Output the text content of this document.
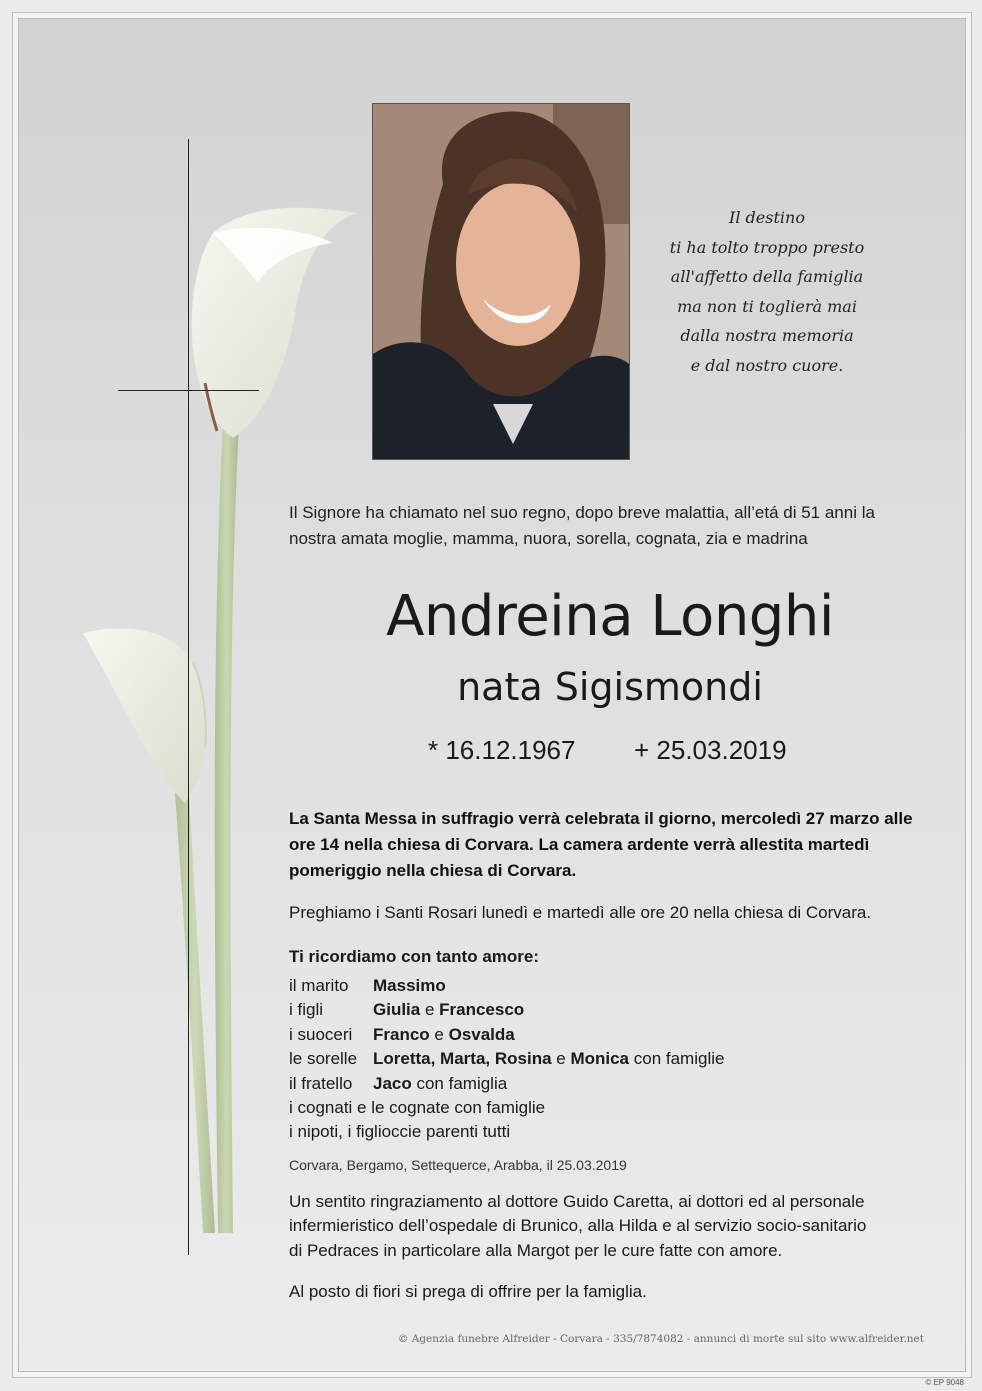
Il destino
ti ha tolto troppo presto
all'affetto della famiglia
ma non ti toglierà mai
dalla nostra memoria
e dal nostro cuore.
Il Signore ha chiamato nel suo regno, dopo breve malattia, all’etá di 51 anni la
nostra amata moglie, mamma, nuora, sorella, cognata, zia e madrina
Andreina Longhi
nata Sigismondi
* 16.12.1967 + 25.03.2019
La Santa Messa in suffragio verrà celebrata il giorno, mercoledì 27 marzo alle
ore 14 nella chiesa di Corvara. La camera ardente verrà allestita martedì
pomeriggio nella chiesa di Corvara.
Preghiamo i Santi Rosari lunedì e martedì alle ore 20 nella chiesa di Corvara.
Ti ricordiamo con tanto amore:
il marito Massimo
i figli	Giulia e Francesco
i suoceri Franco e Osvalda
le sorelle Loretta, Marta, Rosina e Monica con famiglie
il fratello Jaco con famiglia
i cognati e le cognate con famiglie
i nipoti, i figlioccie parenti tutti
Corvara, Bergamo, Settequerce, Arabba, il 25.03.2019
Un sentito ringraziamento al dottore Guido Caretta, ai dottori ed al personale
infermieristico dell’ospedale di Brunico, alla Hilda e al servizio socio-sanitario
di Pedraces in particolare alla Margot per le cure fatte con amore.
Al posto di fiori si prega di offrire per la famiglia.
© Agenzia funebre Alfreider - Corvara - 335/7874082 - annunci di morte sul sito www.alfreider.net
© EP 9048
